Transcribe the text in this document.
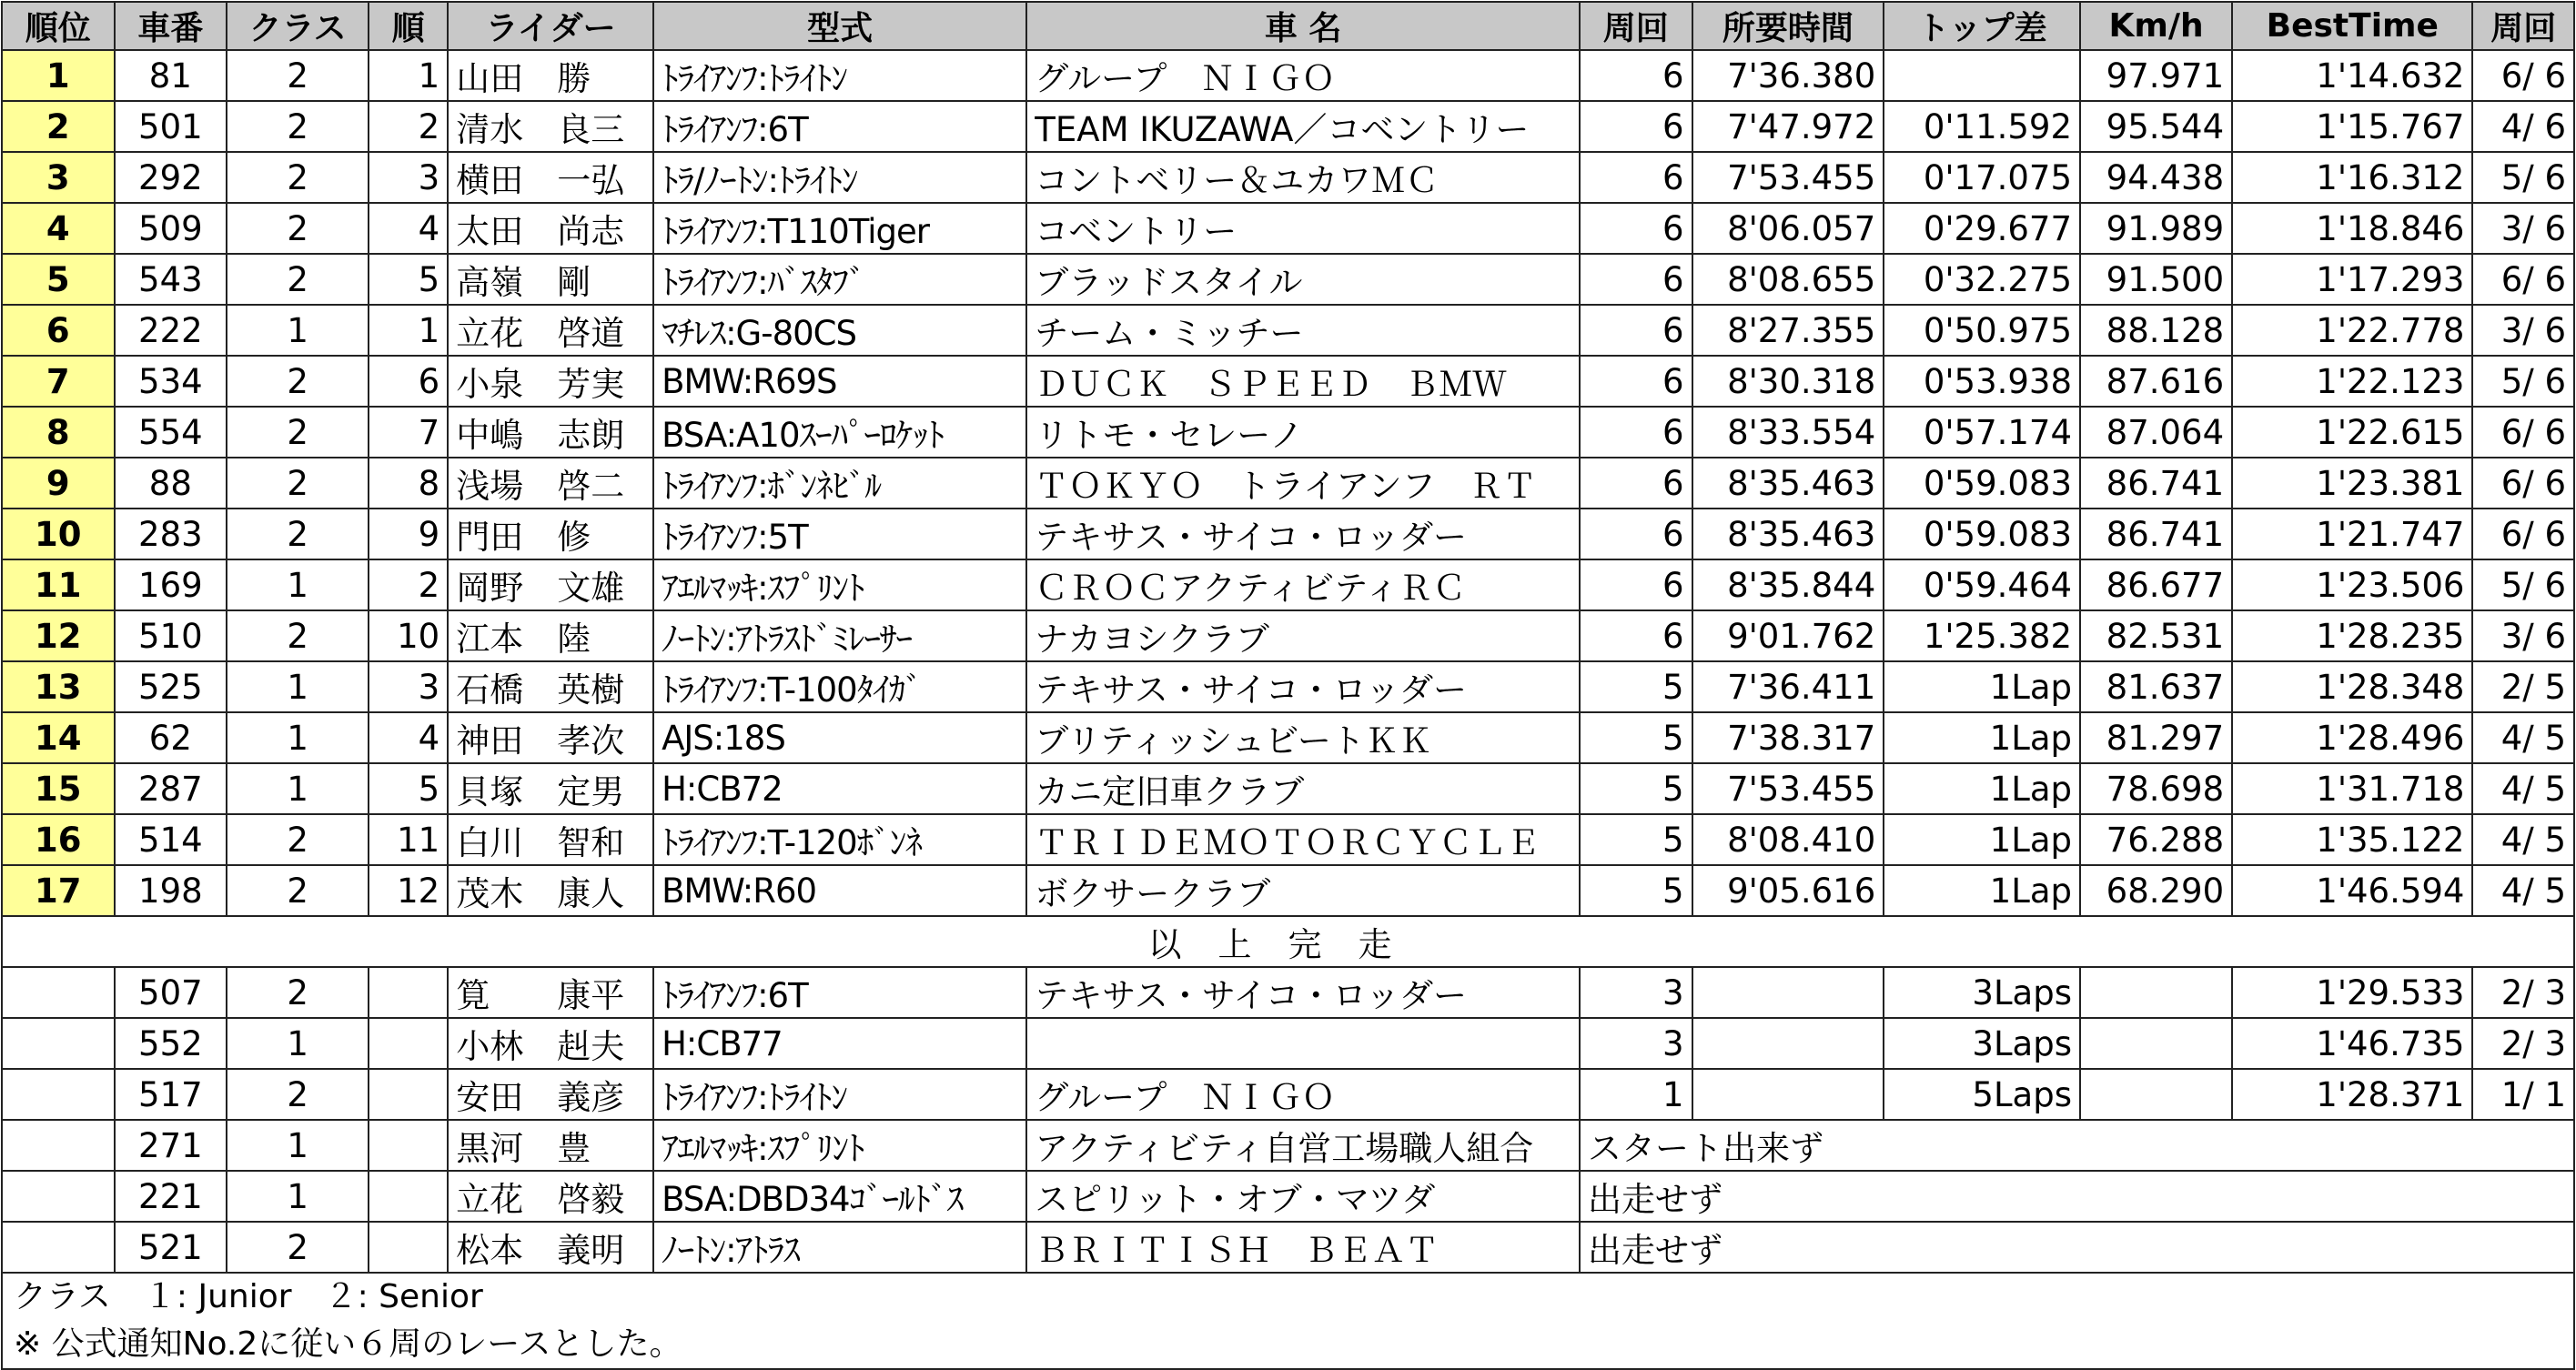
順位	車番	クラス	順	ライダー	型式	車 名	周回	所要時間	トップ差	Km/h	BestTime	周回
1	81	2	1	山田　勝	ﾄﾗｲｱﾝﾌ:ﾄﾗｲﾄﾝ	グループ　ＮＩＧＯ	6	7'36.380		97.971	1'14.632	6/ 6
2	501	2	2	清水　良三	ﾄﾗｲｱﾝﾌ:6T	TEAM IKUZAWA／コベントリー	6	7'47.972	0'11.592	95.544	1'15.767	4/ 6
3	292	2	3	横田　一弘	ﾄﾗ/ﾉｰﾄﾝ:ﾄﾗｲﾄﾝ	コントベリー＆ユカワＭＣ	6	7'53.455	0'17.075	94.438	1'16.312	5/ 6
4	509	2	4	太田　尚志	ﾄﾗｲｱﾝﾌ:T110Tiger	コベントリー	6	8'06.057	0'29.677	91.989	1'18.846	3/ 6
5	543	2	5	高嶺　剛	ﾄﾗｲｱﾝﾌ:ﾊﾞｽﾀﾌﾞ	ブラッドスタイル	6	8'08.655	0'32.275	91.500	1'17.293	6/ 6
6	222	1	1	立花　啓道	ﾏﾁﾚｽ:G-80CS	チーム・ミッチー	6	8'27.355	0'50.975	88.128	1'22.778	3/ 6
7	534	2	6	小泉　芳実	BMW:R69S	ＤＵＣＫ　ＳＰＥＥＤ　ＢＭＷ	6	8'30.318	0'53.938	87.616	1'22.123	5/ 6
8	554	2	7	中嶋　志朗	BSA:A10ｽｰﾊﾟｰﾛｹｯﾄ	リトモ・セレーノ	6	8'33.554	0'57.174	87.064	1'22.615	6/ 6
9	88	2	8	浅場　啓二	ﾄﾗｲｱﾝﾌ:ﾎﾞﾝﾈﾋﾞﾙ	ＴＯＫＹＯ　トライアンフ　ＲＴ	6	8'35.463	0'59.083	86.741	1'23.381	6/ 6
10	283	2	9	門田　修	ﾄﾗｲｱﾝﾌ:5T	テキサス・サイコ・ロッダー	6	8'35.463	0'59.083	86.741	1'21.747	6/ 6
11	169	1	2	岡野　文雄	ｱｴﾙﾏｯｷ:ｽﾌﾟﾘﾝﾄ	ＣＲＯＣアクティビティＲＣ	6	8'35.844	0'59.464	86.677	1'23.506	5/ 6
12	510	2	10	江本　陸	ﾉｰﾄﾝ:ｱﾄﾗｽﾄﾞﾐﾚｰｻｰ	ナカヨシクラブ	6	9'01.762	1'25.382	82.531	1'28.235	3/ 6
13	525	1	3	石橋　英樹	ﾄﾗｲｱﾝﾌ:T-100ﾀｲｶﾞ	テキサス・サイコ・ロッダー	5	7'36.411	1Lap	81.637	1'28.348	2/ 5
14	62	1	4	神田　孝次	AJS:18S	ブリティッシュビートＫＫ	5	7'38.317	1Lap	81.297	1'28.496	4/ 5
15	287	1	5	貝塚　定男	H:CB72	カニ定旧車クラブ	5	7'53.455	1Lap	78.698	1'31.718	4/ 5
16	514	2	11	白川　智和	ﾄﾗｲｱﾝﾌ:T-120ﾎﾞﾝﾈ	ＴＲＩＤＥＭＯＴＯＲＣＹＣＬＥ	5	8'08.410	1Lap	76.288	1'35.122	4/ 5
17	198	2	12	茂木　康人	BMW:R60	ボクサークラブ	5	9'05.616	1Lap	68.290	1'46.594	4/ 5
以上完走												
	507	2		筧　　康平	ﾄﾗｲｱﾝﾌ:6T	テキサス・サイコ・ロッダー	3		3Laps		1'29.533	2/ 3
	552	1		小林　赳夫	H:CB77		3		3Laps		1'46.735	2/ 3
	517	2		安田　義彦	ﾄﾗｲｱﾝﾌ:ﾄﾗｲﾄﾝ	グループ　ＮＩＧＯ	1		5Laps		1'28.371	1/ 1
	271	1		黒河　豊	ｱｴﾙﾏｯｷ:ｽﾌﾟﾘﾝﾄ	アクティビティ自営工場職人組合	スタート出来ず					
	221	1		立花　啓毅	BSA:DBD34ｺﾞｰﾙﾄﾞｽ	スピリット・オブ・マツダ	出走せず					
	521	2		松本　義明	ﾉｰﾄﾝ:ｱﾄﾗｽ	ＢＲＩＴＩＳＨ　ＢＥＡＴ	出走せず					
クラス　１: Junior　２: Senior
※ 公式通知No.2に従い６周のレースとした。
